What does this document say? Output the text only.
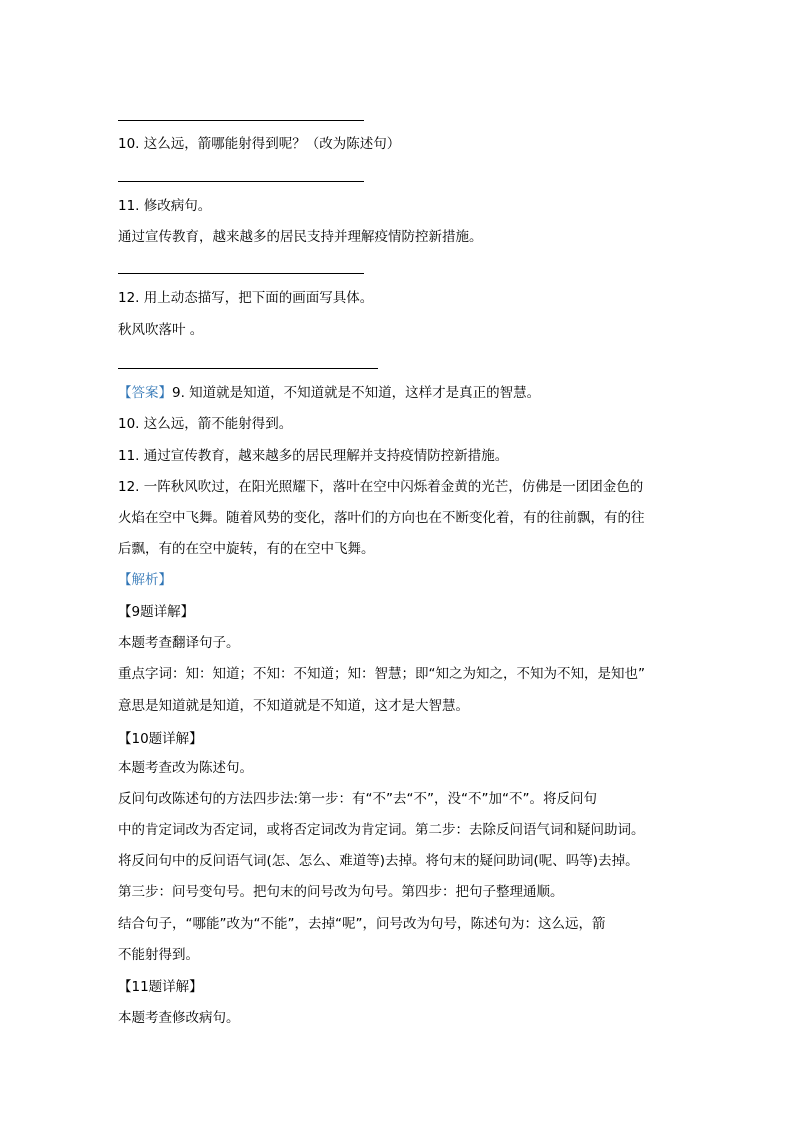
10. 这么远，箭哪能射得到呢？（改为陈述句）
11. 修改病句。
通过宣传教育，越来越多的居民支持并理解疫情防控新措施。
12. 用上动态描写，把下面的画面写具体。
秋风吹落叶 。
【答案】9. 知道就是知道，不知道就是不知道，这样才是真正的智慧。
10. 这么远，箭不能射得到。
11. 通过宣传教育，越来越多的居民理解并支持疫情防控新措施。
12. 一阵秋风吹过，在阳光照耀下，落叶在空中闪烁着金黄的光芒，仿佛是一团团金色的
火焰在空中飞舞。随着风势的变化，落叶们的方向也在不断变化着，有的往前飘，有的往
后飘，有的在空中旋转，有的在空中飞舞。
【解析】
【9题详解】
本题考查翻译句子。
重点字词：知：知道；不知：不知道；知：智慧；即“知之为知之，不知为不知，是知也”
意思是知道就是知道，不知道就是不知道，这才是大智慧。
【10题详解】
本题考查改为陈述句。
反问句改陈述句的方法四步法:第一步：有“不”去“不”，没“不”加“不”。将反问句
中的肯定词改为否定词，或将否定词改为肯定词。第二步：去除反问语气词和疑问助词。
将反问句中的反问语气词(怎、怎么、难道等)去掉。将句末的疑问助词(呢、吗等)去掉。
第三步：问号变句号。把句末的问号改为句号。第四步：把句子整理通顺。
结合句子，“哪能”改为“不能”，去掉“呢”，问号改为句号，陈述句为：这么远，箭
不能射得到。
【11题详解】
本题考查修改病句。
